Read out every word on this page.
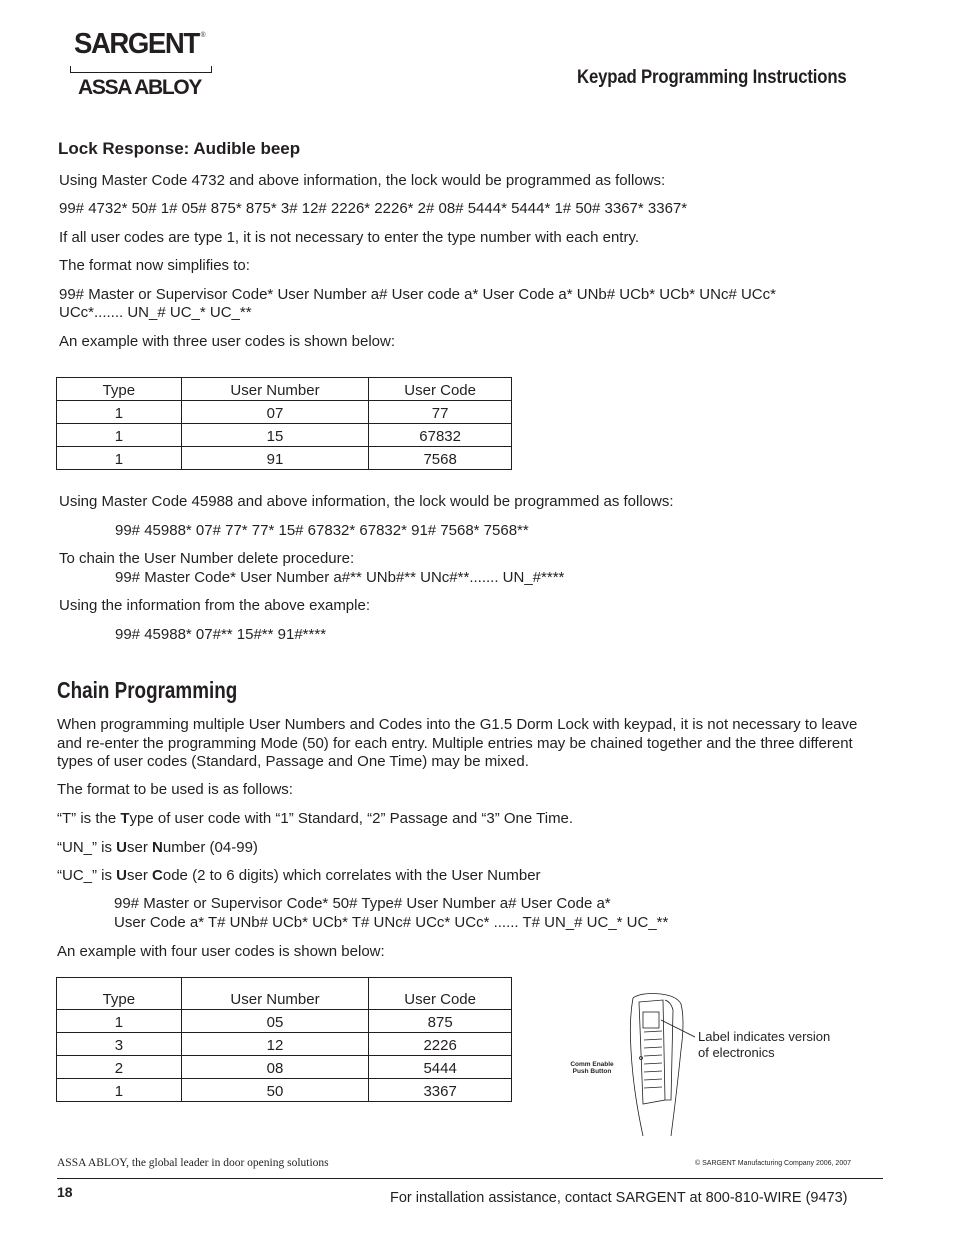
SARGENT ®
ASSA ABLOY	Keypad Programming Instructions
Lock Response: Audible beep
Using Master Code 4732 and above information, the lock would be programmed as follows:
99# 4732* 50# 1# 05# 875* 875* 3# 12# 2226* 2226* 2# 08# 5444* 5444* 1# 50# 3367* 3367*
If all user codes are type 1, it is not necessary to enter the type number with each entry.
The format now simplifies to:
99# Master or Supervisor Code* User Number a# User code a* User Code a* UNb# UCb* UCb* UNc# UCc*
UCc*....... UN_# UC_* UC_**
An example with three user codes is shown below:
Type	User Number	User Code
1	07	77
1	15	67832
1	91	7568
Using Master Code 45988 and above information, the lock would be programmed as follows:
99# 45988* 07# 77* 77* 15# 67832* 67832* 91# 7568* 7568**
To chain the User Number delete procedure:
99# Master Code* User Number a#** UNb#** UNc#**....... UN_#****
Using the information from the above example:
99# 45988* 07#** 15#** 91#****
Chain Programming
When programming multiple User Numbers and Codes into the G1.5 Dorm Lock with keypad, it is not necessary to leave and re-enter the programming Mode (50) for each entry. Multiple entries may be chained together and the three different types of user codes (Standard, Passage and One Time) may be mixed.
The format to be used is as follows:
“T” is the Type of user code with “1” Standard, “2” Passage and “3” One Time.
“UN_” is User Number (04-99)
“UC_” is User Code (2 to 6 digits) which correlates with the User Number
99# Master or Supervisor Code* 50# Type# User Number a# User Code a*
User Code a* T# UNb# UCb* UCb* T# UNc# UCc* UCc* ...... T# UN_# UC_* UC_**
An example with four user codes is shown below:
Type	User Number	User Code
1	05	875
3	12	2226
2	08	5444
1	50	3367
Label indicates version
of electronics
Comm Enable
Push Button
ASSA ABLOY, the global leader in door opening solutions	© SARGENT Manufacturing Company 2006, 2007
18	For installation assistance, contact SARGENT at 800-810-WIRE (9473)
